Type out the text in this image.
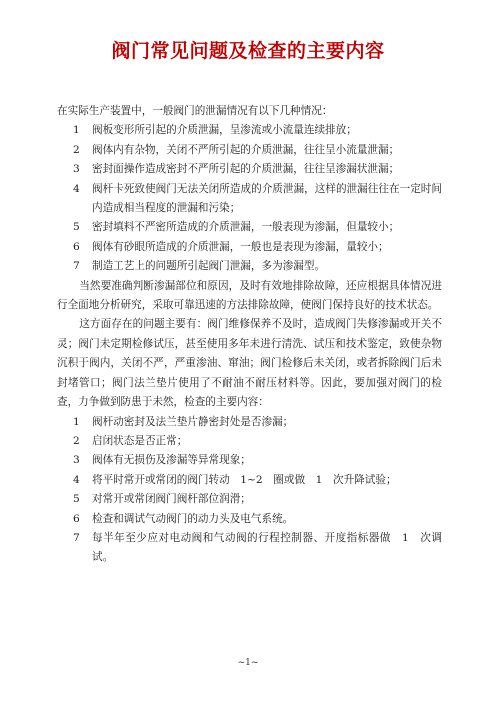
阀门常见问题及检查的主要内容

在实际生产装置中，一般阀门的泄漏情况有以下几种情况：

1	阀板变形所引起的介质泄漏，呈渗流或小流量连续排放；
2	阀体内有杂物，关闭不严所引起的介质泄漏，往往呈小流量泄漏；
3	密封面操作造成密封不严所引起的介质泄漏，往往呈渗漏状泄漏；
4	阀杆卡死致使阀门无法关闭所造成的介质泄漏，这样的泄漏往往在一定时间内造成相当程度的泄漏和污染；
5	密封填料不严密所造成的介质泄漏，一般表现为渗漏，但量较小；
6	阀体有砂眼所造成的介质泄漏，一般也是表现为渗漏，量较小；
7	制造工艺上的问题所引起阀门泄漏，多为渗漏型。

当然要准确判断渗漏部位和原因，及时有效地排除故障，还应根据具体情况进行全面地分析研究，采取可靠迅速的方法排除故障，使阀门保持良好的技术状态。

这方面存在的问题主要有：阀门维修保养不及时，造成阀门失修渗漏或开关不灵；阀门未定期检修试压，甚至使用多年未进行清洗、试压和技术鉴定，致使杂物沉积于阀内，关闭不严，严重渗油、窜油；阀门检修后未关闭，或者拆除阀门后未封堵管口；阀门法兰垫片使用了不耐油不耐压材料等。因此，要加强对阀门的检查，力争做到防患于未然，检查的主要内容：

1	阀杆动密封及法兰垫片静密封处是否渗漏；
2	启闭状态是否正常；
3	阀体有无损伤及渗漏等异常现象；
4	将平时常开或常闭的阀门转动　1~2　圈或做　1　次升降试验；
5	对常开或常闭阀门阀杆部位润滑；
6	检查和调试气动阀门的动力头及电气系统。
7	每半年至少应对电动阀和气动阀的行程控制器、开度指标器做　1　次调试。
~1~
